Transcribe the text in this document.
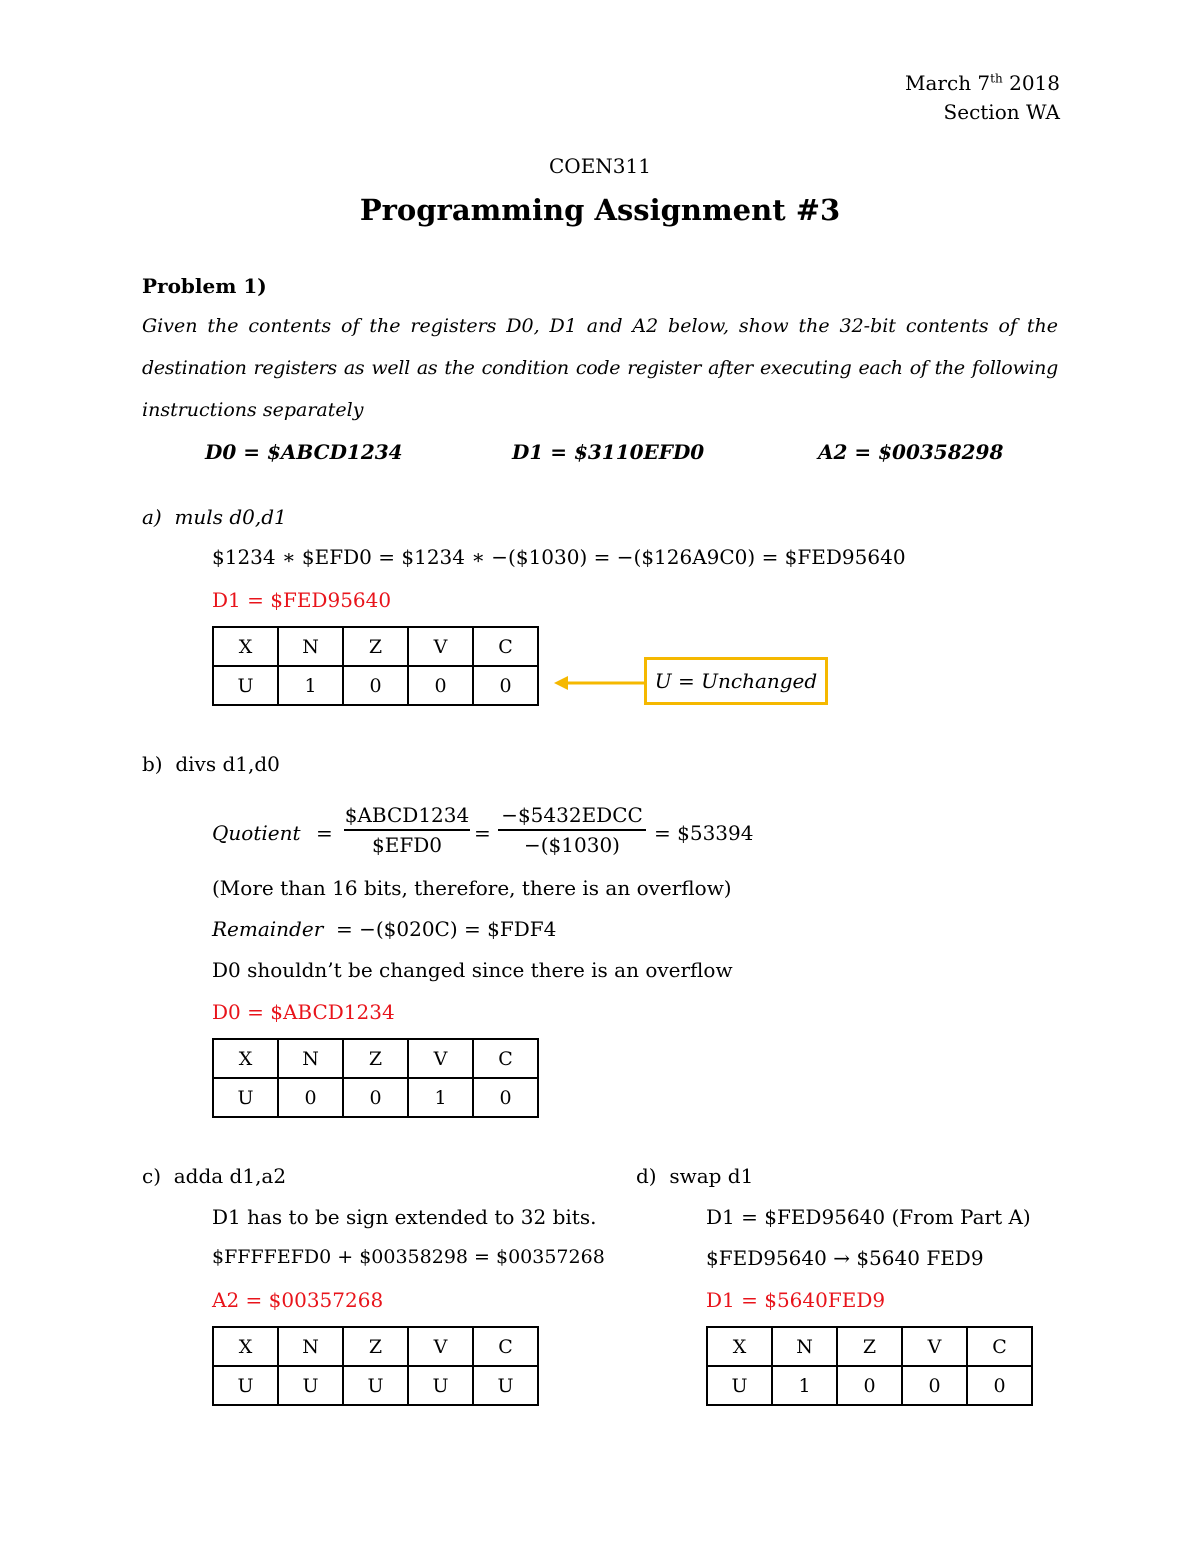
March 7th 2018
Section WA
COEN311
Programming Assignment #3
Problem 1)
Given the contents of the registers D0, D1 and A2 below, show the 32-bit contents of the
destination registers as well as the condition code register after executing each of the following
instructions separately
D0 = $ABCD1234	D1 = $3110EFD0	A2 = $00358298
a) muls d0,d1
$1234 ∗ $EFD0 = $1234 ∗ −($1030) = −($126A9C0) = $FED95640
D1 = $FED95640
X	N	Z	V	C
U	1	0	0	0	U = Unchanged
b) divs d1,d0
Quotient =
$ABCD1234
$EFD0	=
−$5432EDCC
−($1030)	= $53394
(More than 16 bits, therefore, there is an overflow)
Remainder = −($020C) = $FDF4
D0 shouldn’t be changed since there is an overflow
D0 = $ABCD1234
X	N	Z	V	C
U	0	0	1	0
c) adda d1,a2
D1 has to be sign extended to 32 bits.
$FFFFEFD0 + $00358298 = $00357268
A2 = $00357268
X	N	Z	V	C
U	U	U	U	U
d) swap d1
D1 = $FED95640 (From Part A)
$FED95640 → $5640 FED9
D1 = $5640FED9
X	N	Z	V	C
U	1	0	0	0
